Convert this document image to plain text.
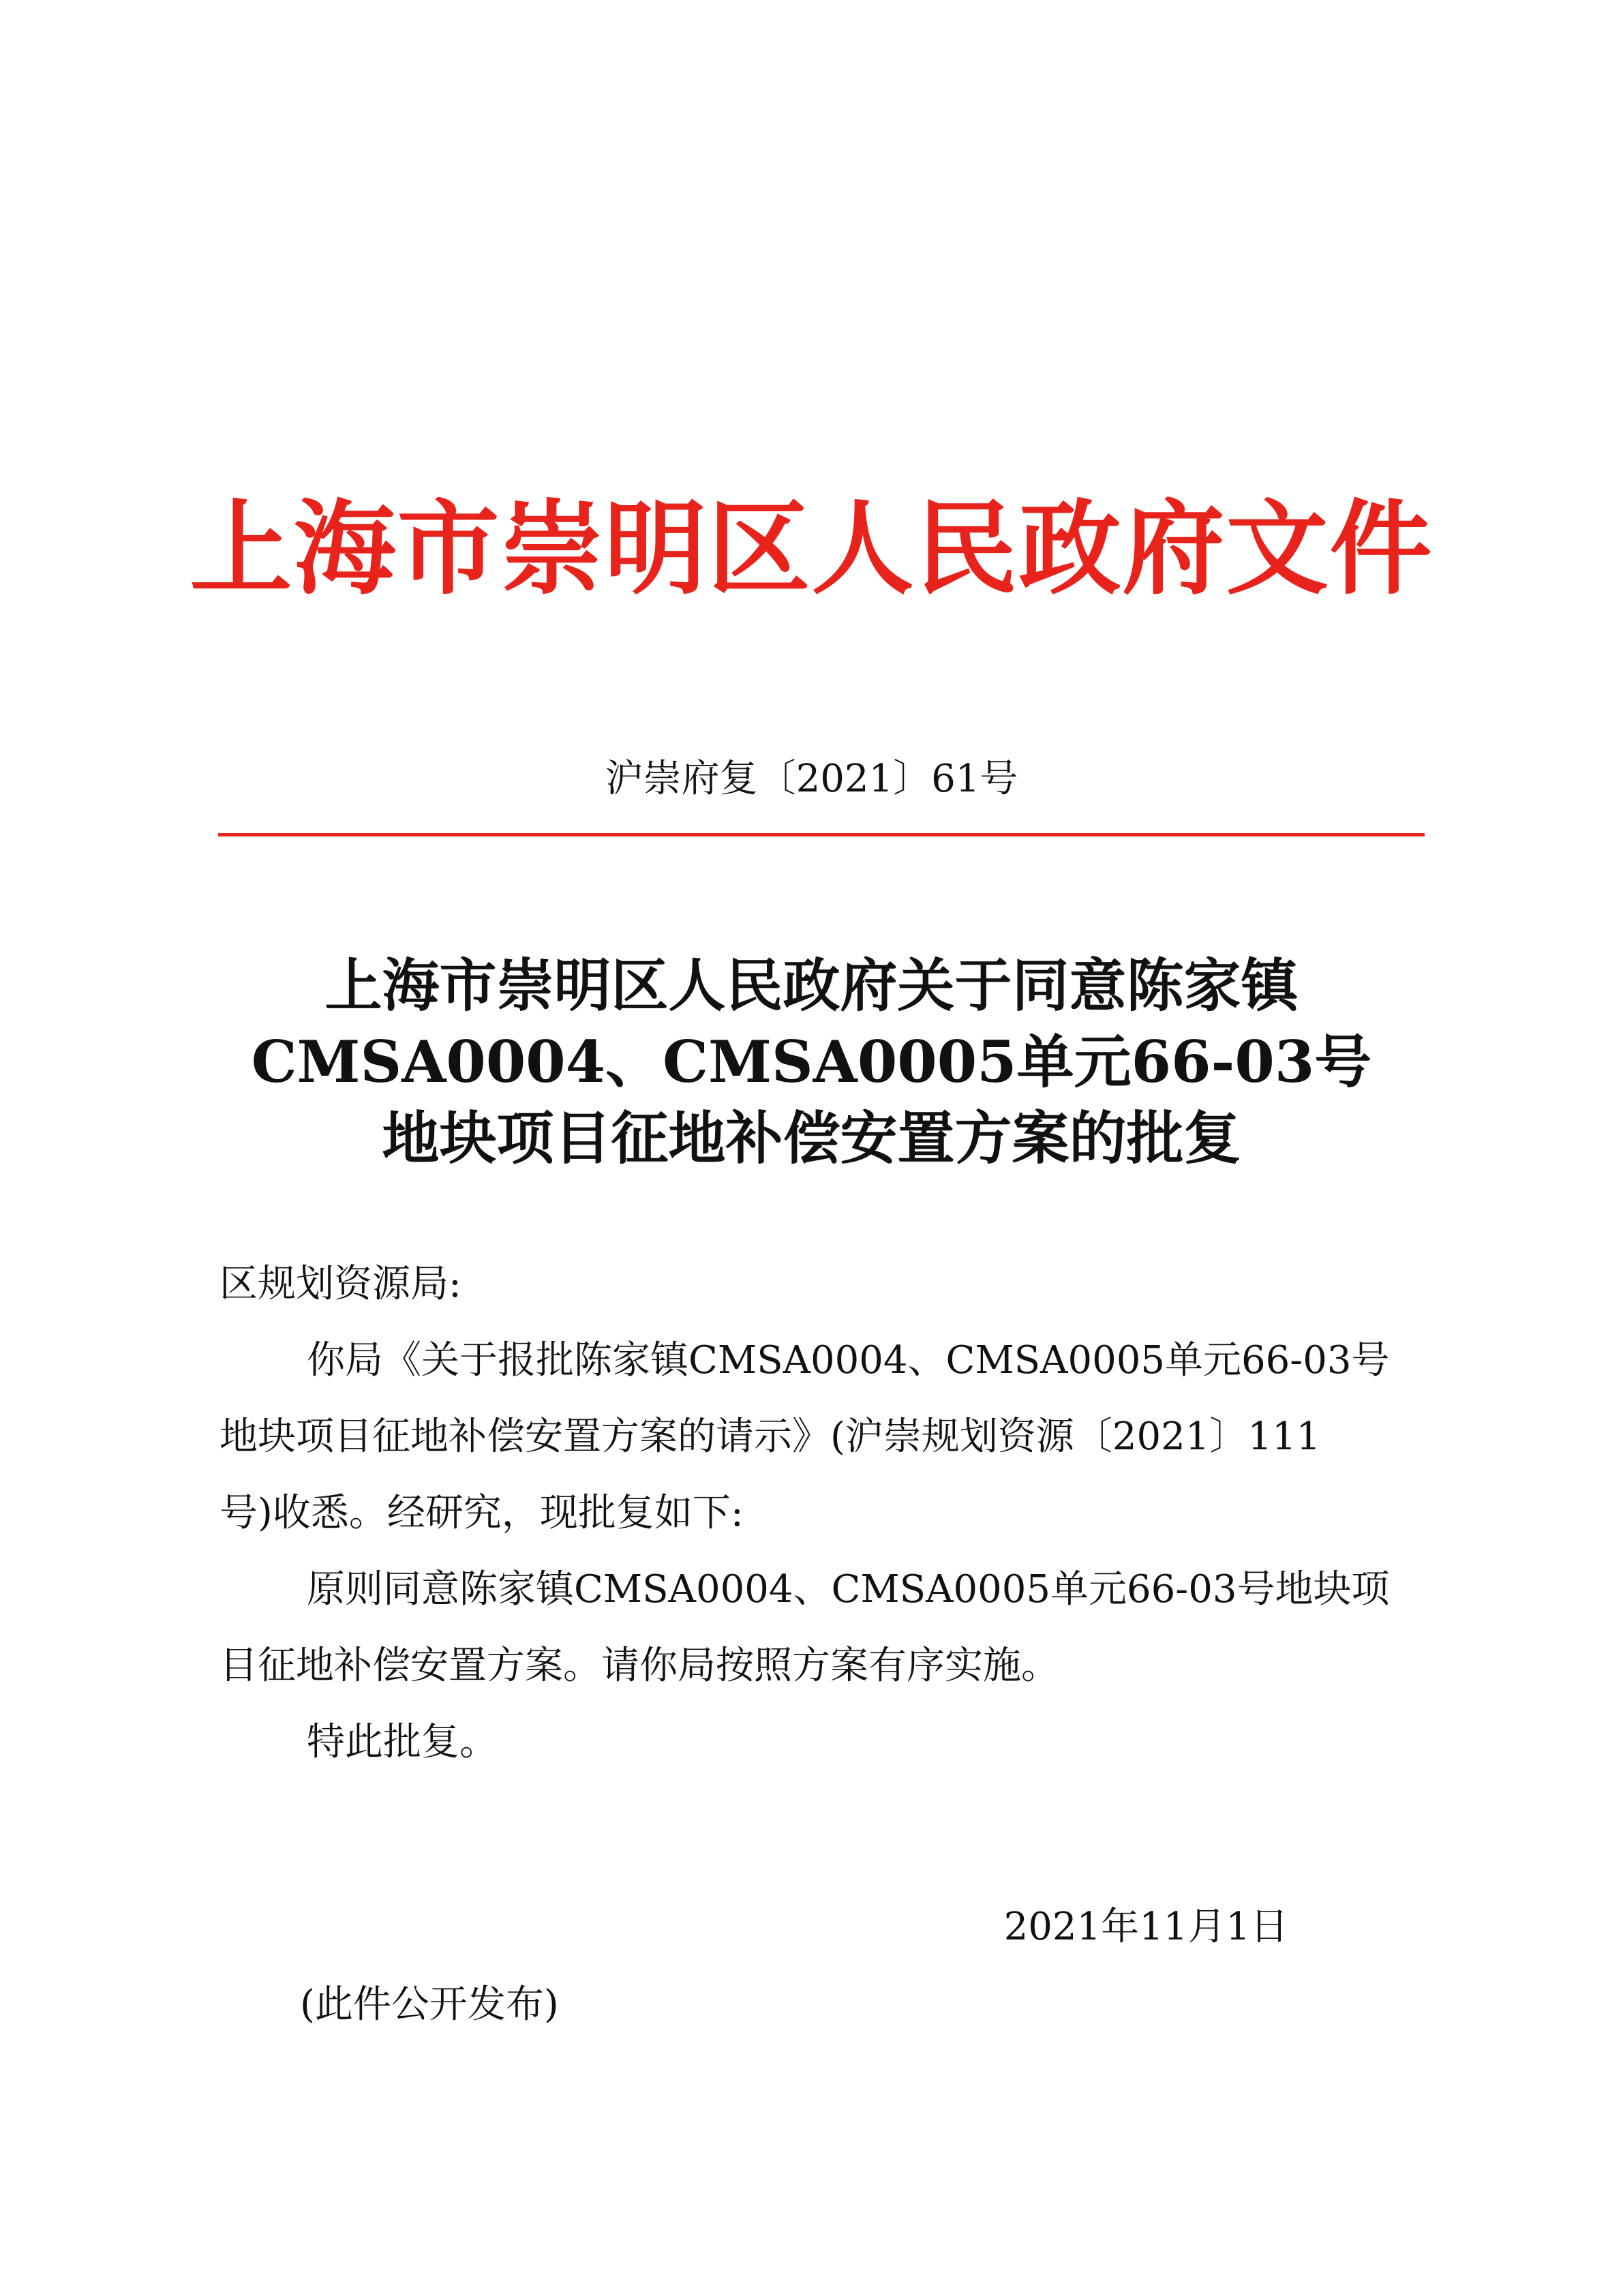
上海市崇明区人民政府文件
沪崇府复〔2021〕61号
上海市崇明区人民政府关于同意陈家镇
CMSA0004、CMSA0005单元66-03号
地块项目征地补偿安置方案的批复
区规划资源局:
你局《关于报批陈家镇CMSA0004、CMSA0005单元66-03号
地块项目征地补偿安置方案的请示》(沪崇规划资源〔2021〕111
号)收悉。经研究，现批复如下:
原则同意陈家镇CMSA0004、CMSA0005单元66-03号地块项
目征地补偿安置方案。请你局按照方案有序实施。
特此批复。
2021年11月1日
(此件公开发布)
